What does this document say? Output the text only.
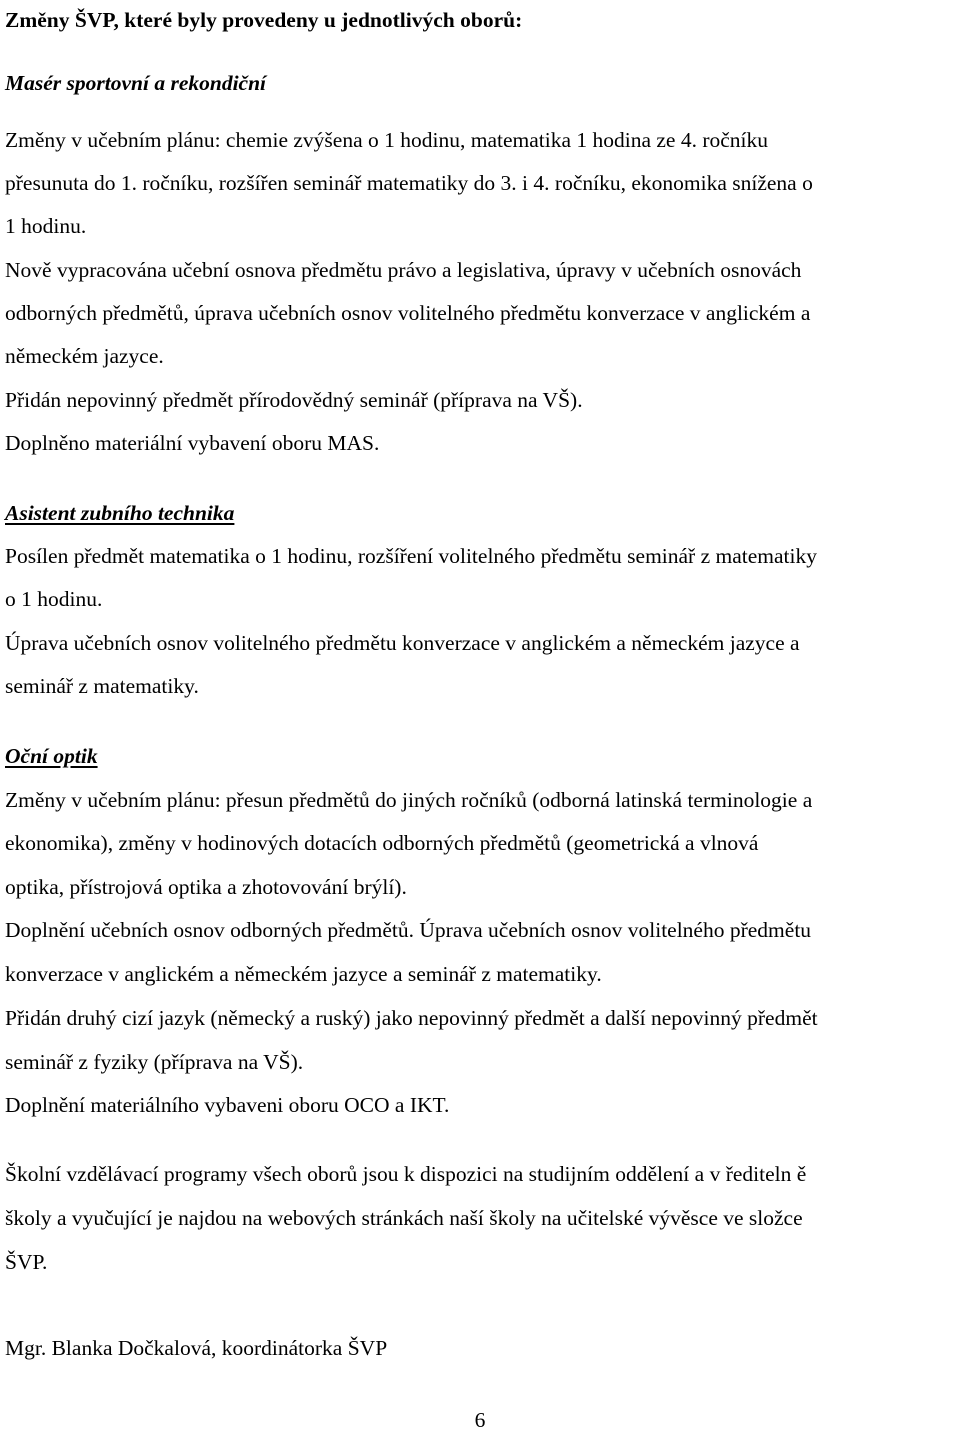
Změny ŠVP, které byly provedeny u jednotlivých oborů:
Masér sportovní a rekondiční
Změny v učebním plánu: chemie zvýšena o 1 hodinu, matematika 1 hodina ze 4. ročníku
přesunuta do 1. ročníku, rozšířen seminář matematiky do 3. i 4. ročníku, ekonomika snížena o
1 hodinu.
Nově vypracována učební osnova předmětu právo a legislativa, úpravy v učebních osnovách
odborných předmětů, úprava učebních osnov volitelného předmětu konverzace v anglickém a
německém jazyce.
Přidán nepovinný předmět přírodovědný seminář (příprava na VŠ).
Doplněno materiální vybavení oboru MAS.
Asistent zubního technika
Posílen předmět matematika o 1 hodinu, rozšíření volitelného předmětu seminář z matematiky
o 1 hodinu.
Úprava učebních osnov volitelného předmětu konverzace v anglickém a německém jazyce a
seminář z matematiky.
Oční optik
Změny v učebním plánu: přesun předmětů do jiných ročníků (odborná latinská terminologie a
ekonomika), změny v hodinových dotacích odborných předmětů (geometrická a vlnová
optika, přístrojová optika a zhotovování brýlí).
Doplnění učebních osnov odborných předmětů. Úprava učebních osnov volitelného předmětu
konverzace v anglickém a německém jazyce a seminář z matematiky.
Přidán druhý cizí jazyk (německý a ruský) jako nepovinný předmět a další nepovinný předmět
seminář z fyziky (příprava na VŠ).
Doplnění materiálního vybaveni oboru OCO a IKT.
Školní vzdělávací programy všech oborů jsou k dispozici na studijním oddělení a v řediteln ě
školy a vyučující je najdou na webových stránkách naší školy na učitelské vývěsce ve složce
ŠVP.
Mgr. Blanka Dočkalová, koordinátorka ŠVP
6
